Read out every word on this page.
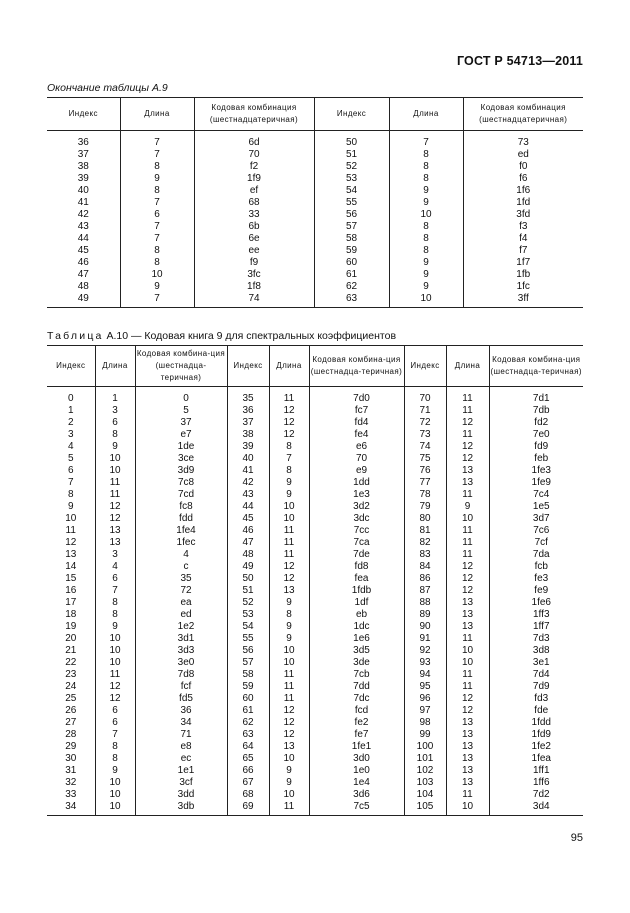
ГОСТ Р 54713—2011
Окончание таблицы А.9
Индекс	Длина	Кодовая комбинация (шестнадцатеричная)	Индекс	Длина	Кодовая комбинация (шестнадцатеричная)
36	7	6d	50	7	73
37	7	70	51	8	ed
38	8	f2	52	8	f0
39	9	1f9	53	8	f6
40	8	ef	54	9	1f6
41	7	68	55	9	1fd
42	6	33	56	10	3fd
43	7	6b	57	8	f3
44	7	6e	58	8	f4
45	8	ee	59	8	f7
46	8	f9	60	9	1f7
47	10	3fc	61	9	1fb
48	9	1f8	62	9	1fc
49	7	74	63	10	3ff
Таблица А.10 — Кодовая книга 9 для спектральных коэффициентов
Индекс	Длина	Кодовая комбина-ция (шестнадца-теричная)	Индекс	Длина	Кодовая комбина-ция (шестнадца-теричная)	Индекс	Длина	Кодовая комбина-ция (шестнадца-теричная)
0	1	0	35	11	7d0	70	11	7d1
1	3	5	36	12	fc7	71	11	7db
2	6	37	37	12	fd4	72	12	fd2
3	8	e7	38	12	fe4	73	11	7e0
4	9	1de	39	8	e6	74	12	fd9
5	10	3ce	40	7	70	75	12	feb
6	10	3d9	41	8	e9	76	13	1fe3
7	11	7c8	42	9	1dd	77	13	1fe9
8	11	7cd	43	9	1e3	78	11	7c4
9	12	fc8	44	10	3d2	79	9	1e5
10	12	fdd	45	10	3dc	80	10	3d7
11	13	1fe4	46	11	7cc	81	11	7c6
12	13	1fec	47	11	7ca	82	11	7cf
13	3	4	48	11	7de	83	11	7da
14	4	c	49	12	fd8	84	12	fcb
15	6	35	50	12	fea	86	12	fe3
16	7	72	51	13	1fdb	87	12	fe9
17	8	ea	52	9	1df	88	13	1fe6
18	8	ed	53	8	eb	89	13	1ff3
19	9	1e2	54	9	1dc	90	13	1ff7
20	10	3d1	55	9	1e6	91	11	7d3
21	10	3d3	56	10	3d5	92	10	3d8
22	10	3e0	57	10	3de	93	10	3e1
23	11	7d8	58	11	7cb	94	11	7d4
24	12	fcf	59	11	7dd	95	11	7d9
25	12	fd5	60	11	7dc	96	12	fd3
26	6	36	61	12	fcd	97	12	fde
27	6	34	62	12	fe2	98	13	1fdd
28	7	71	63	12	fe7	99	13	1fd9
29	8	e8	64	13	1fe1	100	13	1fe2
30	8	ec	65	10	3d0	101	13	1fea
31	9	1e1	66	9	1e0	102	13	1ff1
32	10	3cf	67	9	1e4	103	13	1ff6
33	10	3dd	68	10	3d6	104	11	7d2
34	10	3db	69	11	7c5	105	10	3d4
95
